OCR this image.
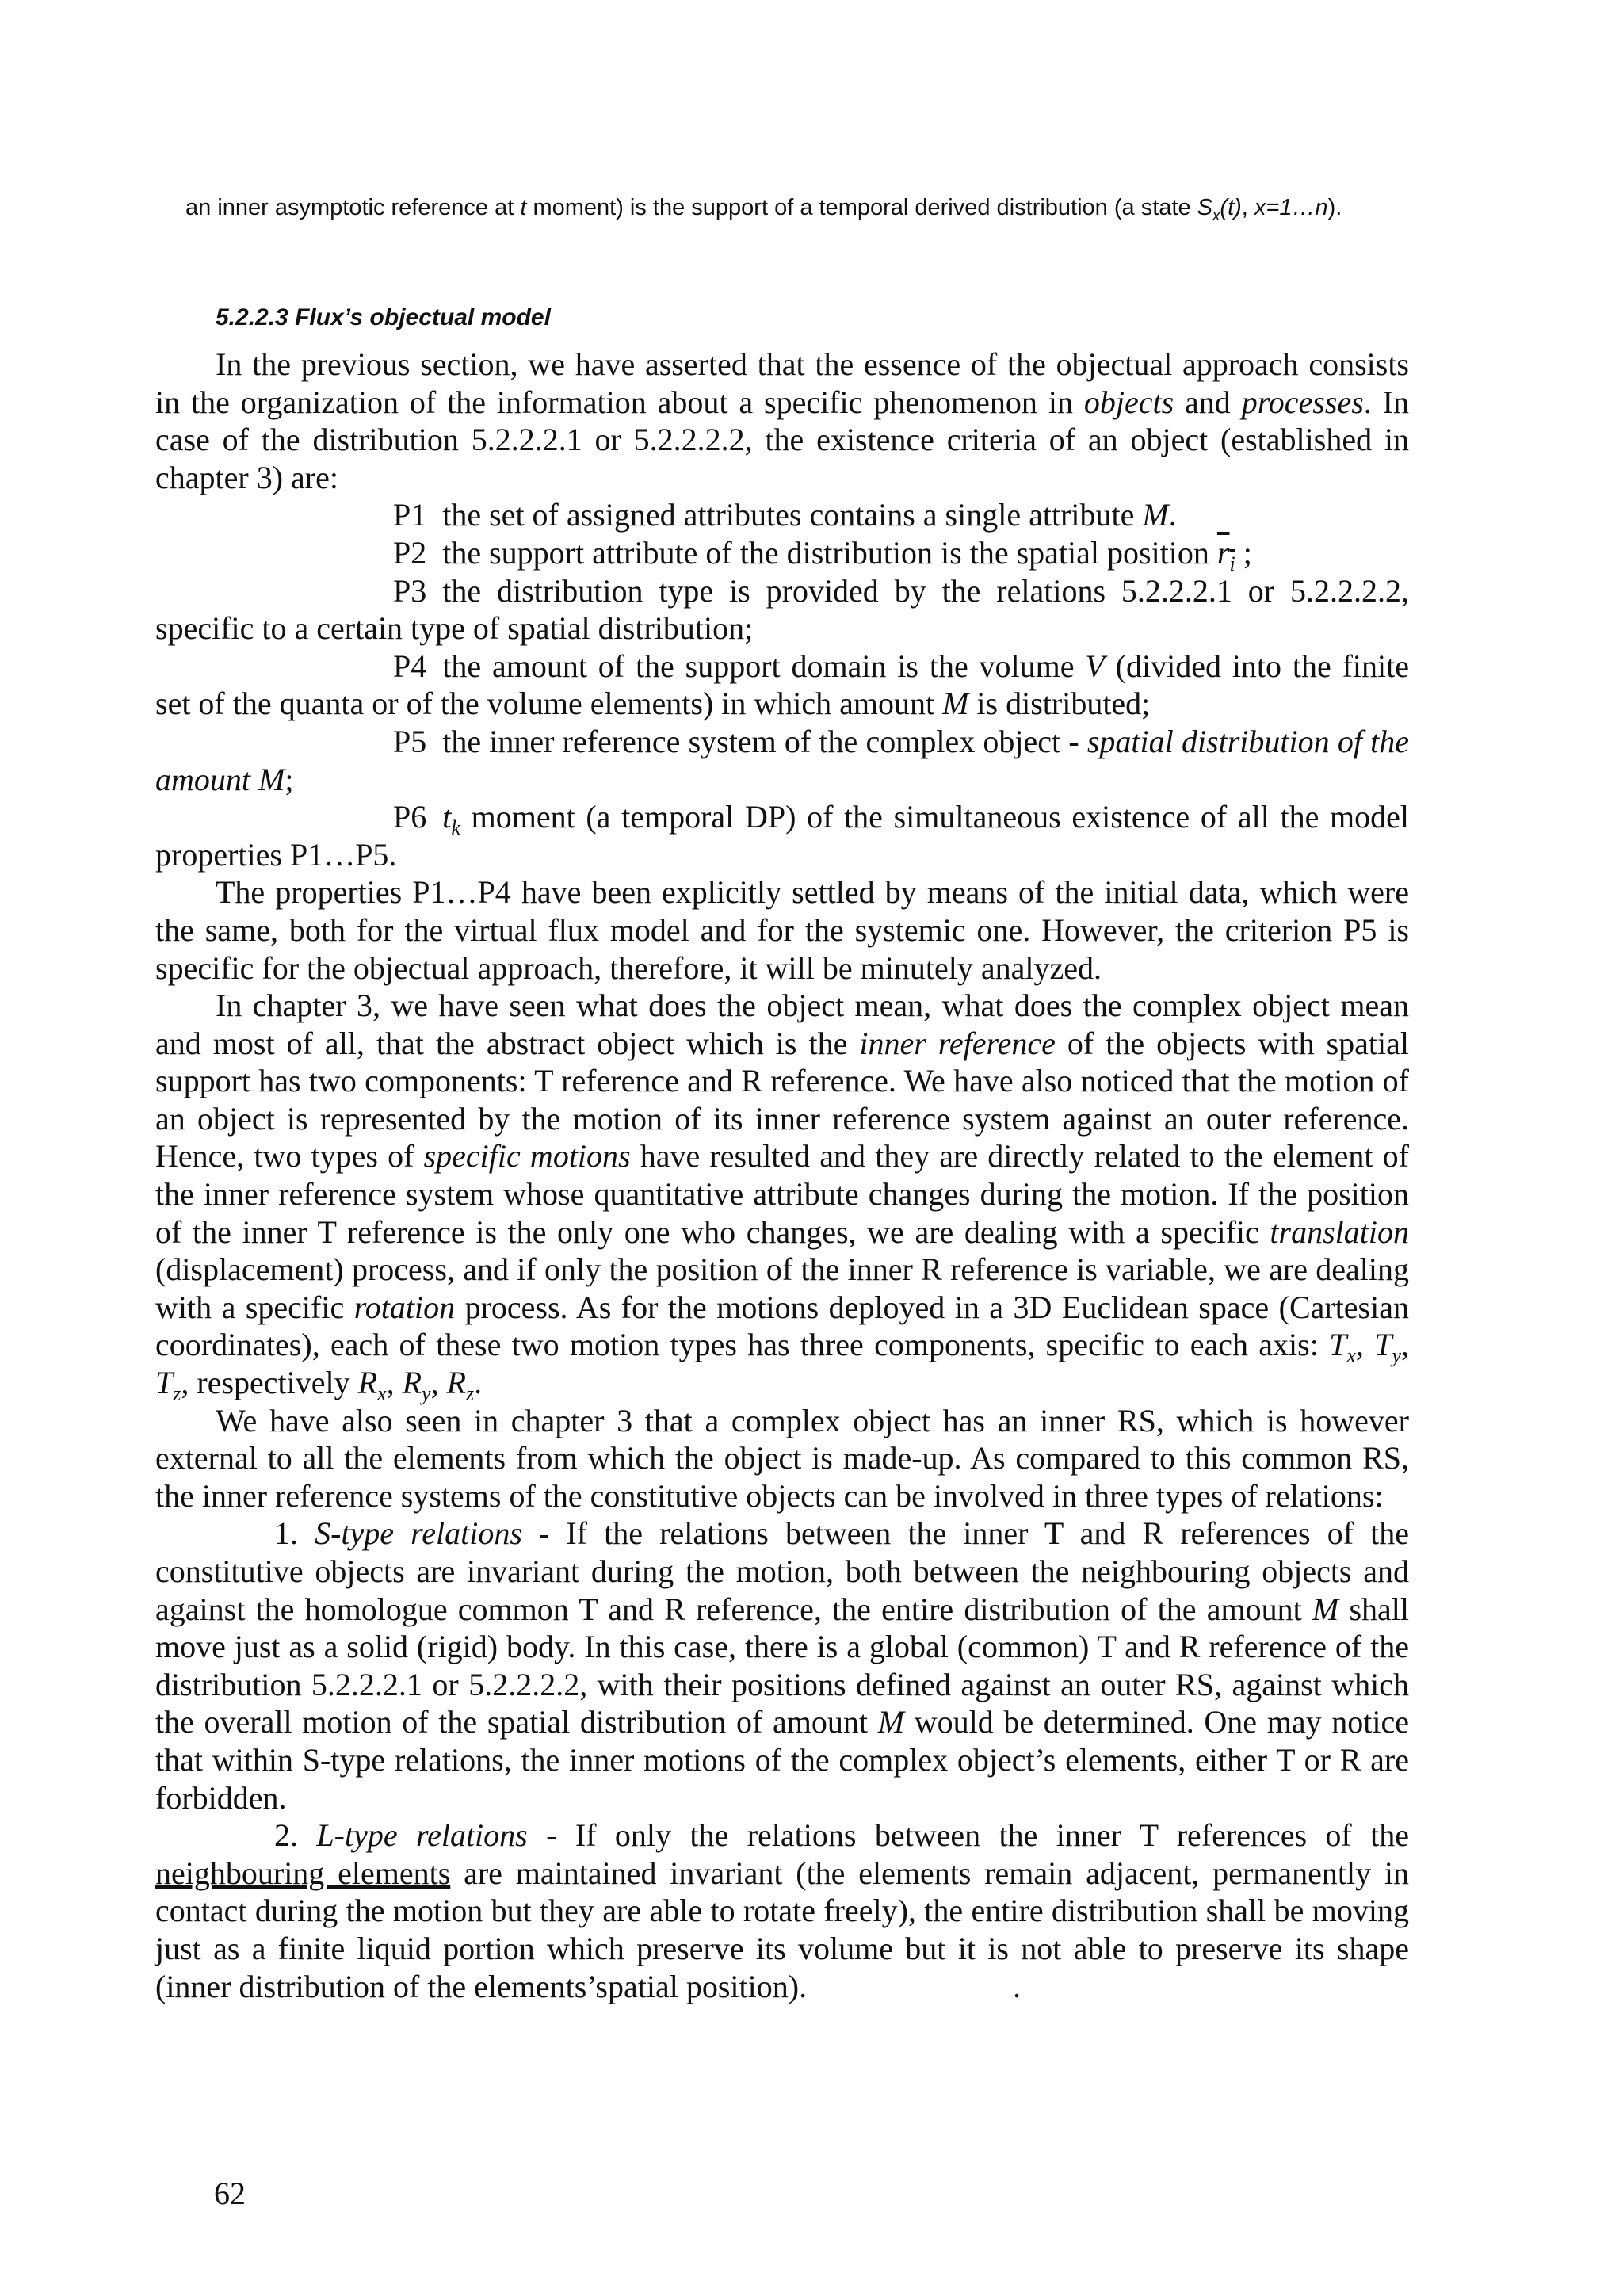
an inner asymptotic reference at t moment) is the support of a temporal derived distribution (a state $S_x(t)$, x=1…n).
5.2.2.3 Flux’s objectual model

In the previous section, we have asserted that the essence of the objectual approach consists in the organization of the information about a specific phenomenon in objects and processes. In case of the distribution 5.2.2.2.1 or 5.2.2.2.2, the existence criteria of an object (established in chapter 3) are:

P1 the set of assigned attributes contains a single attribute M.

P2 the support attribute of the distribution is the spatial position $r_i$ ;

P3 the distribution type is provided by the relations 5.2.2.2.1 or 5.2.2.2.2, specific to a certain type of spatial distribution;

P4 the amount of the support domain is the volume V (divided into the finite set of the quanta or of the volume elements) in which amount M is distributed;

P5 the inner reference system of the complex object - spatial distribution of the amount M;

P6 $t_k$ moment (a temporal DP) of the simultaneous existence of all the model properties P1…P5.

The properties P1…P4 have been explicitly settled by means of the initial data, which were the same, both for the virtual flux model and for the systemic one. However, the criterion P5 is specific for the objectual approach, therefore, it will be minutely analyzed.

In chapter 3, we have seen what does the object mean, what does the complex object mean and most of all, that the abstract object which is the inner reference of the objects with spatial support has two components: T reference and R reference. We have also noticed that the motion of an object is represented by the motion of its inner reference system against an outer reference. Hence, two types of specific motions have resulted and they are directly related to the element of the inner reference system whose quantitative attribute changes during the motion. If the position of the inner T reference is the only one who changes, we are dealing with a specific translation (displacement) process, and if only the position of the inner R reference is variable, we are dealing with a specific rotation process. As for the motions deployed in a 3D Euclidean space (Cartesian coordinates), each of these two motion types has three components, specific to each axis: $T_x$, $T_y$, $T_z$, respectively $R_x$, $R_y$, $R_z$.

We have also seen in chapter 3 that a complex object has an inner RS, which is however external to all the elements from which the object is made-up. As compared to this common RS, the inner reference systems of the constitutive objects can be involved in three types of relations:

1. S-type relations - If the relations between the inner T and R references of the constitutive objects are invariant during the motion, both between the neighbouring objects and against the homologue common T and R reference, the entire distribution of the amount M shall move just as a solid (rigid) body. In this case, there is a global (common) T and R reference of the distribution 5.2.2.2.1 or 5.2.2.2.2, with their positions defined against an outer RS, against which the overall motion of the spatial distribution of amount M would be determined. One may notice that within S-type relations, the inner motions of the complex object’s elements, either T or R are forbidden.

2. L-type relations - If only the relations between the inner T references of the neighbouring elements are maintained invariant (the elements remain adjacent, permanently in contact during the motion but they are able to rotate freely), the entire distribution shall be moving just as a finite liquid portion which preserve its volume but it is not able to preserve its shape (inner distribution of the elements’spatial position).	.

62
